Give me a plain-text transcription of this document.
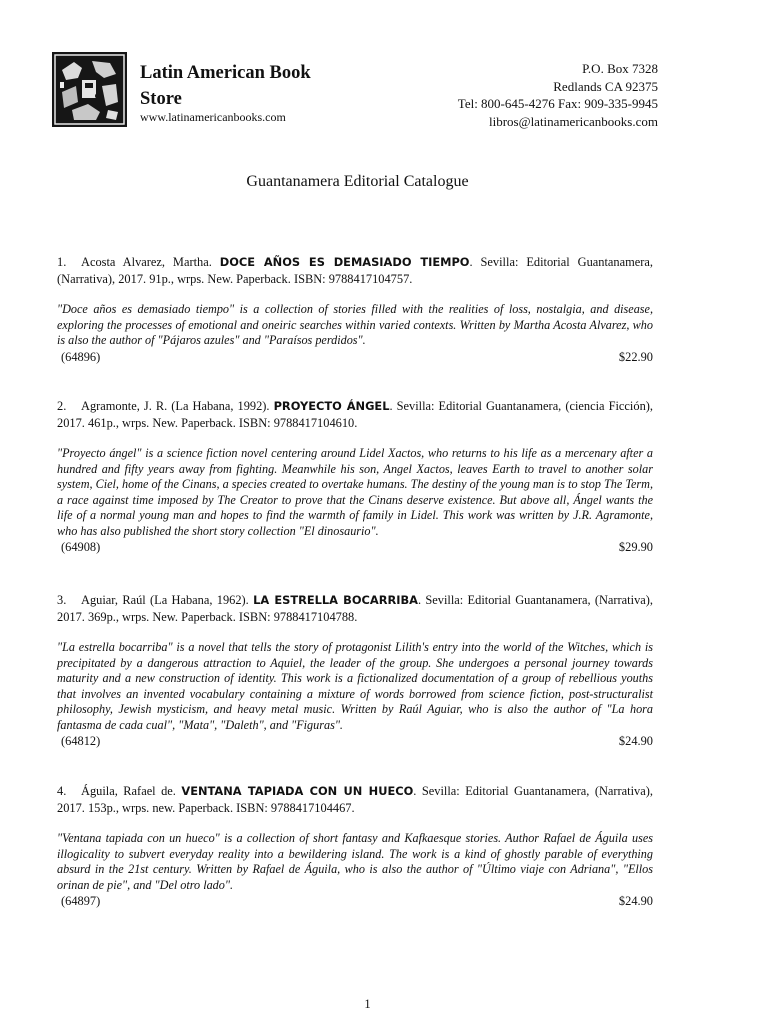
Latin American Book Store
www.latinamericanbooks.com
P.O. Box 7328
Redlands CA 92375
Tel: 800-645-4276 Fax: 909-335-9945
libros@latinamericanbooks.com
Guantanamera Editorial Catalogue
1. Acosta Alvarez, Martha. DOCE AÑOS ES DEMASIADO TIEMPO. Sevilla: Editorial Guantanamera, (Narrativa), 2017. 91p., wrps. New. Paperback. ISBN: 9788417104757.
"Doce años es demasiado tiempo" is a collection of stories filled with the realities of loss, nostalgia, and disease, exploring the processes of emotional and oneiric searches within varied contexts. Written by Martha Acosta Alvarez, who is also the author of "Pájaros azules" and "Paraísos perdidos".
(64896)	$22.90
2. Agramonte, J. R. (La Habana, 1992). PROYECTO ÁNGEL. Sevilla: Editorial Guantanamera, (ciencia Ficción), 2017. 461p., wrps. New. Paperback. ISBN: 9788417104610.
"Proyecto ángel" is a science fiction novel centering around Lidel Xactos, who returns to his life as a mercenary after a hundred and fifty years away from fighting. Meanwhile his son, Angel Xactos, leaves Earth to travel to another solar system, Ciel, home of the Cinans, a species created to overtake humans. The destiny of the young man is to stop The Term, a race against time imposed by The Creator to prove that the Cinans deserve existence. But above all, Ángel wants the life of a normal young man and hopes to find the warmth of family in Lidel. This work was written by J.R. Agramonte, who has also published the short story collection "El dinosaurio".
(64908)	$29.90
3. Aguiar, Raúl (La Habana, 1962). LA ESTRELLA BOCARRIBA. Sevilla: Editorial Guantanamera, (Narrativa), 2017. 369p., wrps. New. Paperback. ISBN: 9788417104788.
"La estrella bocarriba" is a novel that tells the story of protagonist Lilith's entry into the world of the Witches, which is precipitated by a dangerous attraction to Aquiel, the leader of the group. She undergoes a personal journey towards maturity and a new construction of identity. This work is a fictionalized documentation of a group of rebellious youths that involves an invented vocabulary containing a mixture of words borrowed from science fiction, post-structuralist philosophy, Jewish mysticism, and heavy metal music. Written by Raúl Aguiar, who is also the author of "La hora fantasma de cada cual", "Mata", "Daleth", and "Figuras".
(64812)	$24.90
4. Águila, Rafael de. VENTANA TAPIADA CON UN HUECO. Sevilla: Editorial Guantanamera, (Narrativa), 2017. 153p., wrps. new. Paperback. ISBN: 9788417104467.
"Ventana tapiada con un hueco" is a collection of short fantasy and Kafkaesque stories. Author Rafael de Águila uses illogicality to subvert everyday reality into a bewildering island. The work is a kind of ghostly parable of everything absurd in the 21st century. Written by Rafael de Águila, who is also the author of "Último viaje con Adriana", "Ellos orinan de pie", and "Del otro lado".
(64897)	$24.90
1
